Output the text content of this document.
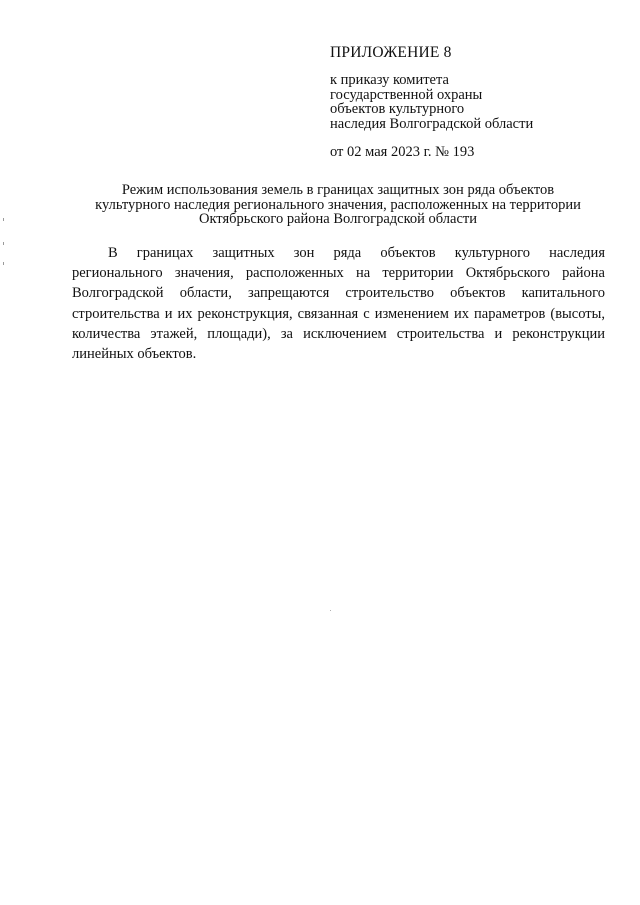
ПРИЛОЖЕНИЕ 8
к приказу комитета
государственной охраны
объектов культурного
наследия Волгоградской области
от 02 мая 2023 г. № 193
Режим использования земель в границах защитных зон ряда объектов
культурного наследия регионального значения, расположенных на территории
Октябрьского района Волгоградской области
В границах защитных зон ряда объектов культурного наследия
регионального значения, расположенных на территории Октябрьского района
Волгоградской области, запрещаются строительство объектов капитального
строительства и их реконструкция, связанная с изменением их параметров (высоты,
количества этажей, площади), за исключением строительства и реконструкции
линейных объектов.
